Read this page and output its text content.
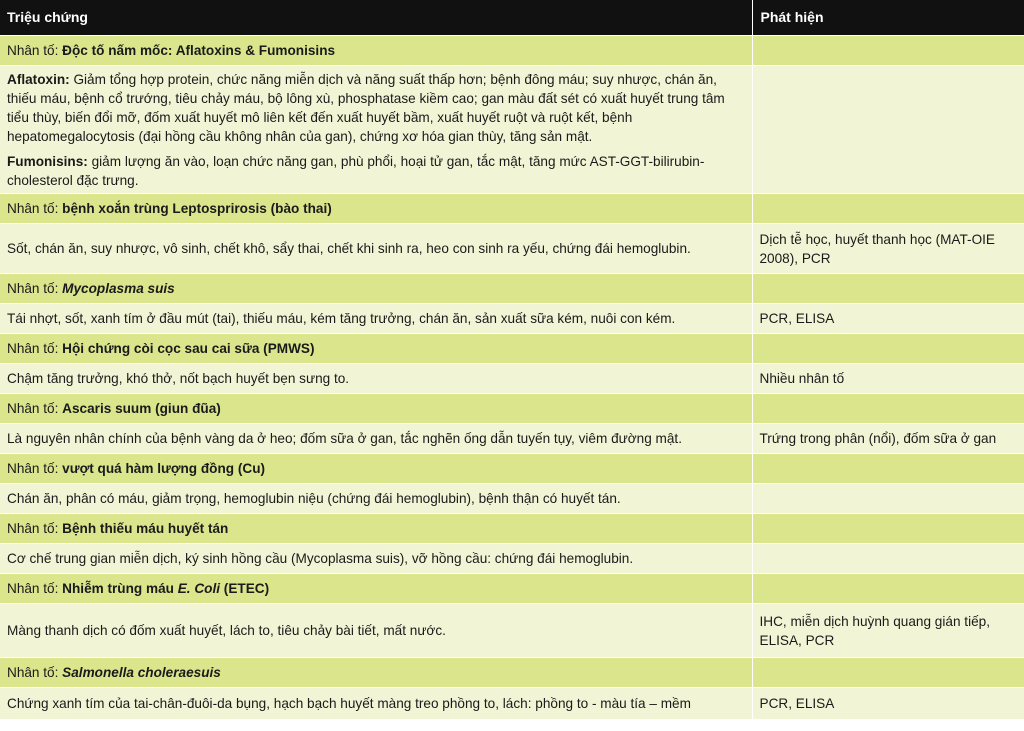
Triệu chứng	Phát hiện
Nhân tố: Độc tố nấm mốc: Aflatoxins & Fumonisins	

Aflatoxin: Giảm tổng hợp protein, chức năng miễn dịch và năng suất thấp hơn; bệnh đông máu; suy nhược, chán ăn, thiếu máu, bệnh cổ trướng, tiêu chảy máu, bộ lông xù, phosphatase kiềm cao; gan màu đất sét có xuất huyết trung tâm tiểu thùy, biến đổi mỡ, đốm xuất huyết mô liên kết đến xuất huyết bầm, xuất huyết ruột và ruột kết, bệnh hepatomegalocytosis (đại hồng cầu không nhân của gan), chứng xơ hóa gian thùy, tăng sản mật.
Fumonisins: giảm lượng ăn vào, loạn chức năng gan, phù phổi, hoại tử gan, tắc mật, tăng mức AST-GGT-bilirubin-cholesterol đặc trưng.	

Nhân tố: bệnh xoắn trùng Leptosprirosis (bào thai)	
Sốt, chán ăn, suy nhược, vô sinh, chết khô, sẩy thai, chết khi sinh ra, heo con sinh ra yếu, chứng đái hemoglubin.	Dịch tễ học, huyết thanh học (MAT-OIE 2008), PCR
Nhân tố: Mycoplasma suis	
Tái nhợt, sốt, xanh tím ở đầu mút (tai), thiếu máu, kém tăng trưởng, chán ăn, sản xuất sữa kém, nuôi con kém.	PCR, ELISA
Nhân tố: Hội chứng còi cọc sau cai sữa (PMWS)	
Chậm tăng trưởng, khó thở, nốt bạch huyết bẹn sưng to.	Nhiều nhân tố
Nhân tố: Ascaris suum (giun đũa)	
Là nguyên nhân chính của bệnh vàng da ở heo; đốm sữa ở gan, tắc nghẽn ống dẫn tuyến tụy, viêm đường mật.	Trứng trong phân (nổi), đốm sữa ở gan
Nhân tố: vượt quá hàm lượng đồng (Cu)	
Chán ăn, phân có máu, giảm trọng, hemoglubin niệu (chứng đái hemoglubin), bệnh thận có huyết tán.	
Nhân tố: Bệnh thiếu máu huyết tán	
Cơ chế trung gian miễn dịch, ký sinh hồng cầu (Mycoplasma suis), vỡ hồng cầu: chứng đái hemoglubin.	
Nhân tố: Nhiễm trùng máu E. Coli (ETEC)	
Màng thanh dịch có đốm xuất huyết, lách to, tiêu chảy bài tiết, mất nước.	IHC, miễn dịch huỳnh quang gián tiếp, ELISA, PCR
Nhân tố: Salmonella choleraesuis	
Chứng xanh tím của tai-chân-đuôi-da bụng, hạch bạch huyết màng treo phồng to, lách: phồng to - màu tía – mềm	PCR, ELISA
